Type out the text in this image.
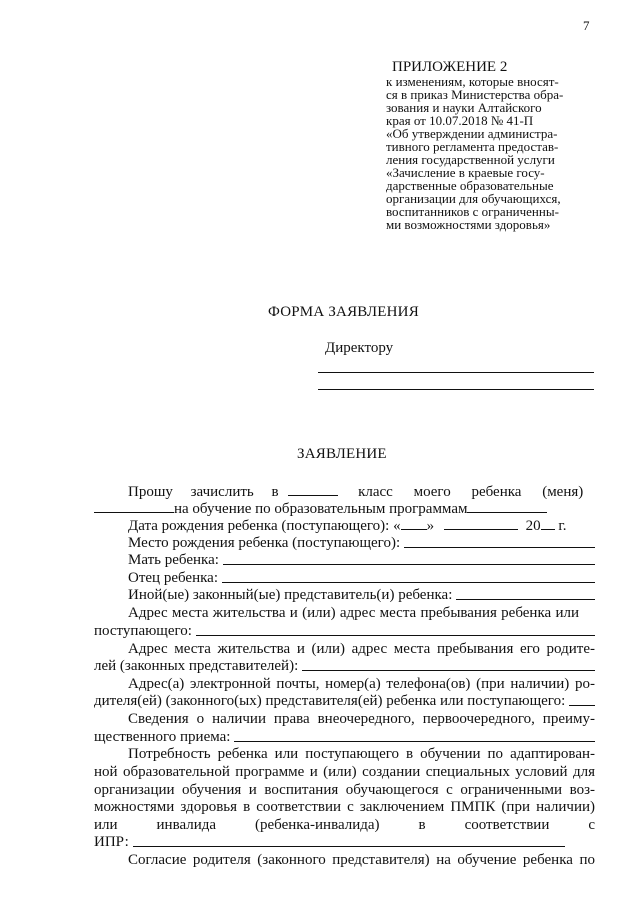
7
ПРИЛОЖЕНИЕ 2
к изменениям, которые вносят-
ся в приказ Министерства обра-
зования и науки Алтайского
края от 10.07.2018 № 41-П
«Об утверждении администра-
тивного регламента предостав-
ления государственной услуги
«Зачисление в краевые госу-
дарственные образовательные
организации для обучающихся,
воспитанников с ограниченны-
ми возможностями здоровья»
ФОРМА ЗАЯВЛЕНИЯ
Директору
ЗАЯВЛЕНИЕ
Прошу зачислить в	класс моего ребенка (меня)
на обучение по образовательным программам
Дата рождения ребенка (поступающего): « »	20 г.
Место рождения ребенка (поступающего):
Мать ребенка:
Отец ребенка:
Иной(ые) законный(ые) представитель(и) ребенка:
Адрес места жительства и (или) адрес места пребывания ребенка или
поступающего:
Адрес места жительства и (или) адрес места пребывания его родите-
лей (законных представителей):
Адрес(а) электронной почты, номер(а) телефона(ов) (при наличии) ро-
дителя(ей) (законного(ых) представителя(ей) ребенка или поступающего:
Сведения о наличии права внеочередного, первоочередного, преиму-
щественного приема:
Потребность ребенка или поступающего в обучении по адаптирован-
ной образовательной программе и (или) создании специальных условий для
организации обучения и воспитания обучающегося с ограниченными воз-
можностями здоровья в соответствии с заключением ПМПК (при наличии)
или инвалида (ребенка-инвалида) в соответствии с
ИПР:
Согласие родителя (законного представителя) на обучение ребенка по
